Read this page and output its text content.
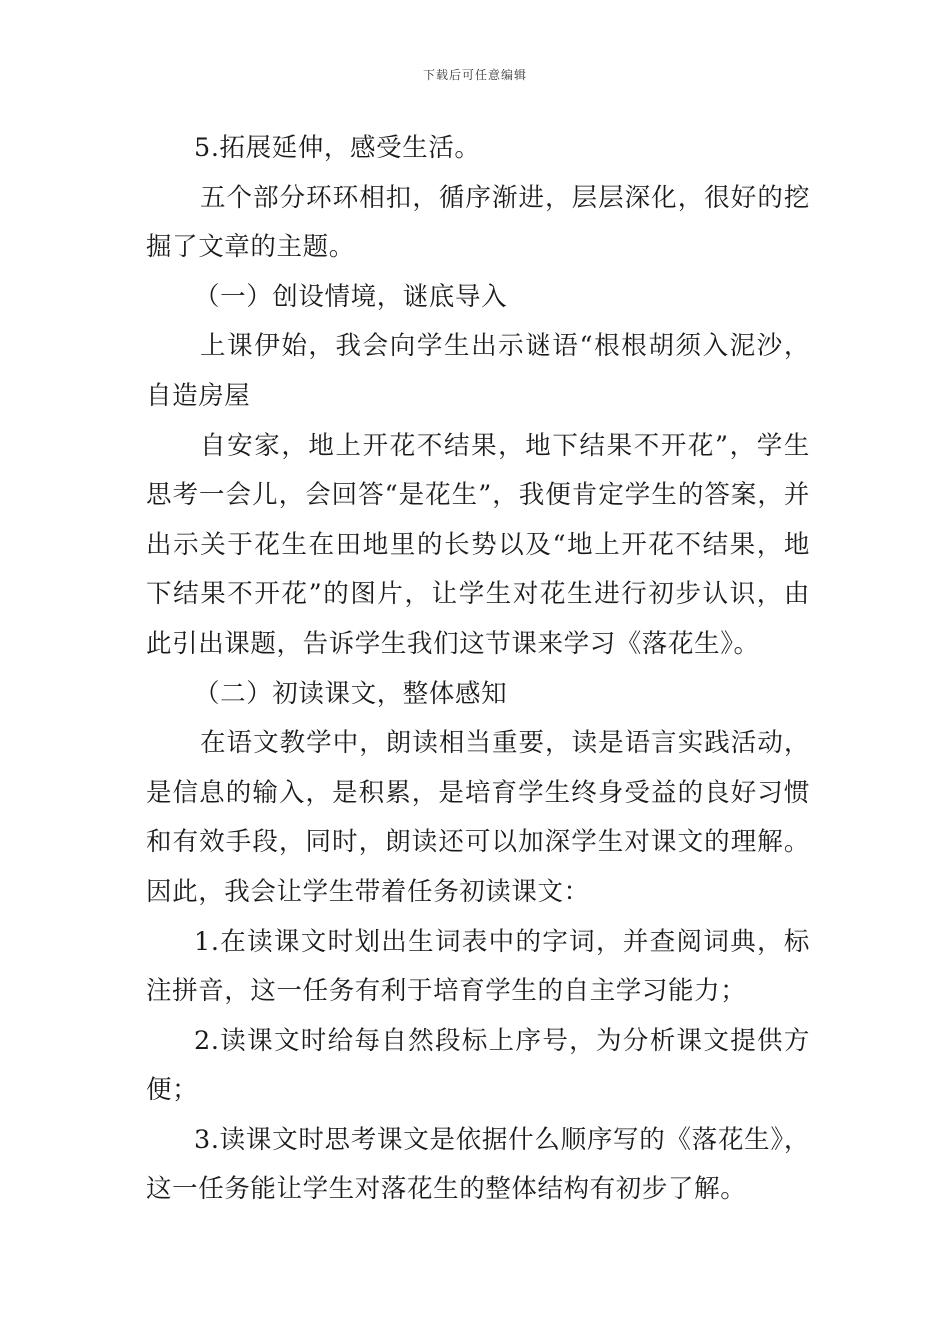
下载后可任意编辑

5.拓展延伸，感受生活。

五个部分环环相扣，循序渐进，层层深化，很好的挖掘了文章的主题。

（一）创设情境，谜底导入

上课伊始，我会向学生出示谜语“根根胡须入泥沙，自造房屋

自安家，地上开花不结果，地下结果不开花”，学生思考一会儿，会回答“是花生”，我便肯定学生的答案，并出示关于花生在田地里的长势以及“地上开花不结果，地下结果不开花”的图片，让学生对花生进行初步认识，由此引出课题，告诉学生我们这节课来学习《落花生》。

（二）初读课文，整体感知

在语文教学中，朗读相当重要，读是语言实践活动，是信息的输入，是积累，是培育学生终身受益的良好习惯和有效手段，同时，朗读还可以加深学生对课文的理解。因此，我会让学生带着任务初读课文：

1.在读课文时划出生词表中的字词，并查阅词典，标注拼音，这一任务有利于培育学生的自主学习能力；

2.读课文时给每自然段标上序号，为分析课文提供方便；

3.读课文时思考课文是依据什么顺序写的《落花生》，这一任务能让学生对落花生的整体结构有初步了解。
